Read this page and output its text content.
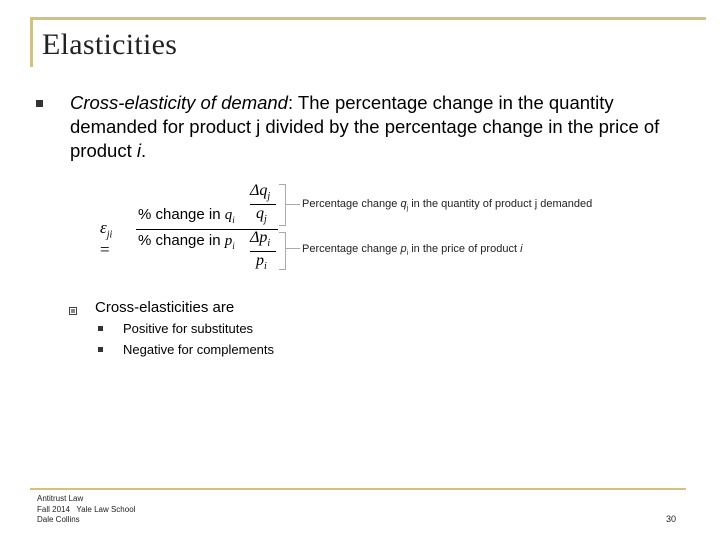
Elasticities
Cross-elasticity of demand: The percentage change in the quantity demanded for product j divided by the percentage change in the price of product i.
$\varepsilon_{ji}$ =
% change in $q_i$
% change in $p_i$
$\Delta q_j$
$q_j$
$\Delta p_i$
$p_i$
Percentage change $q_j$ in the quantity of product j demanded
Percentage change $p_i$ in the price of product i
Cross-elasticities are
Positive for substitutes
Negative for complements
Antitrust Law
Fall 2014   Yale Law School
Dale Collins	30
